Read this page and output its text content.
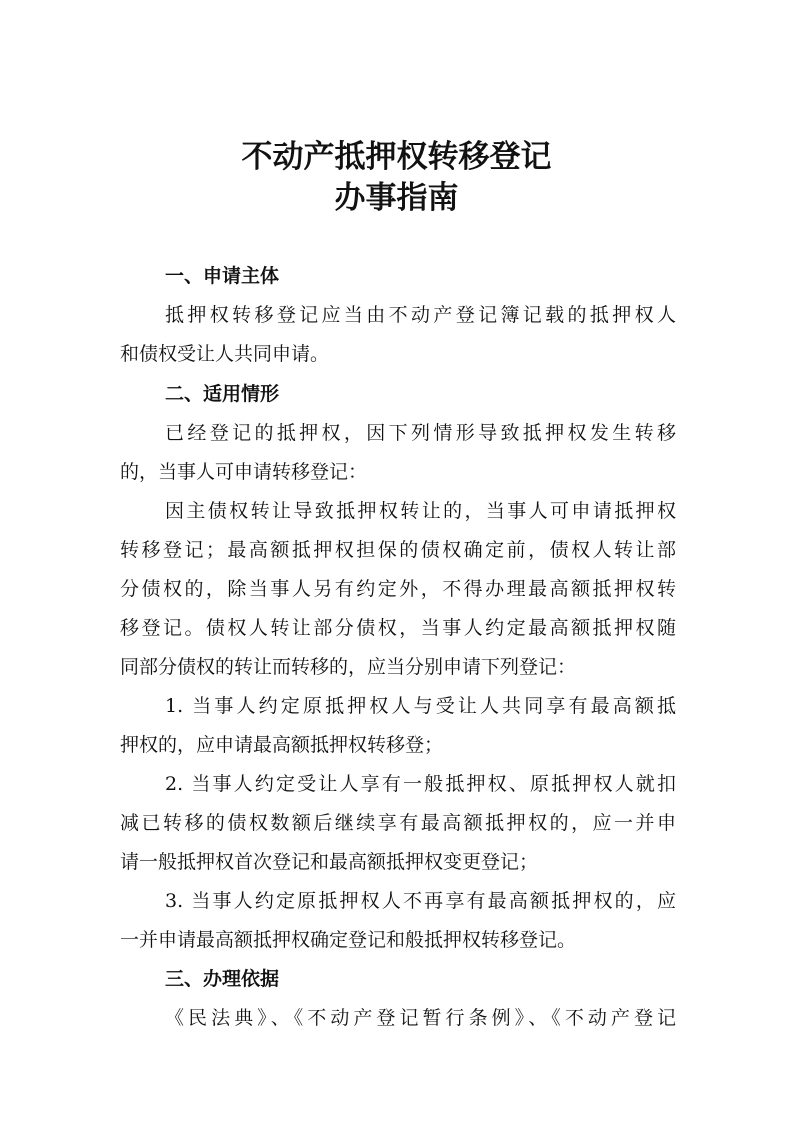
不动产抵押权转移登记
办事指南
一、申请主体
抵押权转移登记应当由不动产登记簿记载的抵押权人
和债权受让人共同申请。
二、适用情形
已经登记的抵押权，因下列情形导致抵押权发生转移
的，当事人可申请转移登记：
因主债权转让导致抵押权转让的，当事人可申请抵押权
转移登记；最高额抵押权担保的债权确定前，债权人转让部
分债权的，除当事人另有约定外，不得办理最高额抵押权转
移登记。债权人转让部分债权，当事人约定最高额抵押权随
同部分债权的转让而转移的，应当分别申请下列登记：
1. 当事人约定原抵押权人与受让人共同享有最高额抵
押权的，应申请最高额抵押权转移登；
2. 当事人约定受让人享有一般抵押权、原抵押权人就扣
减已转移的债权数额后继续享有最高额抵押权的，应一并申
请一般抵押权首次登记和最高额抵押权变更登记；
3. 当事人约定原抵押权人不再享有最高额抵押权的，应
一并申请最高额抵押权确定登记和般抵押权转移登记。
三、办理依据
《民法典》、《不动产登记暂行条例》、《不动产登记
